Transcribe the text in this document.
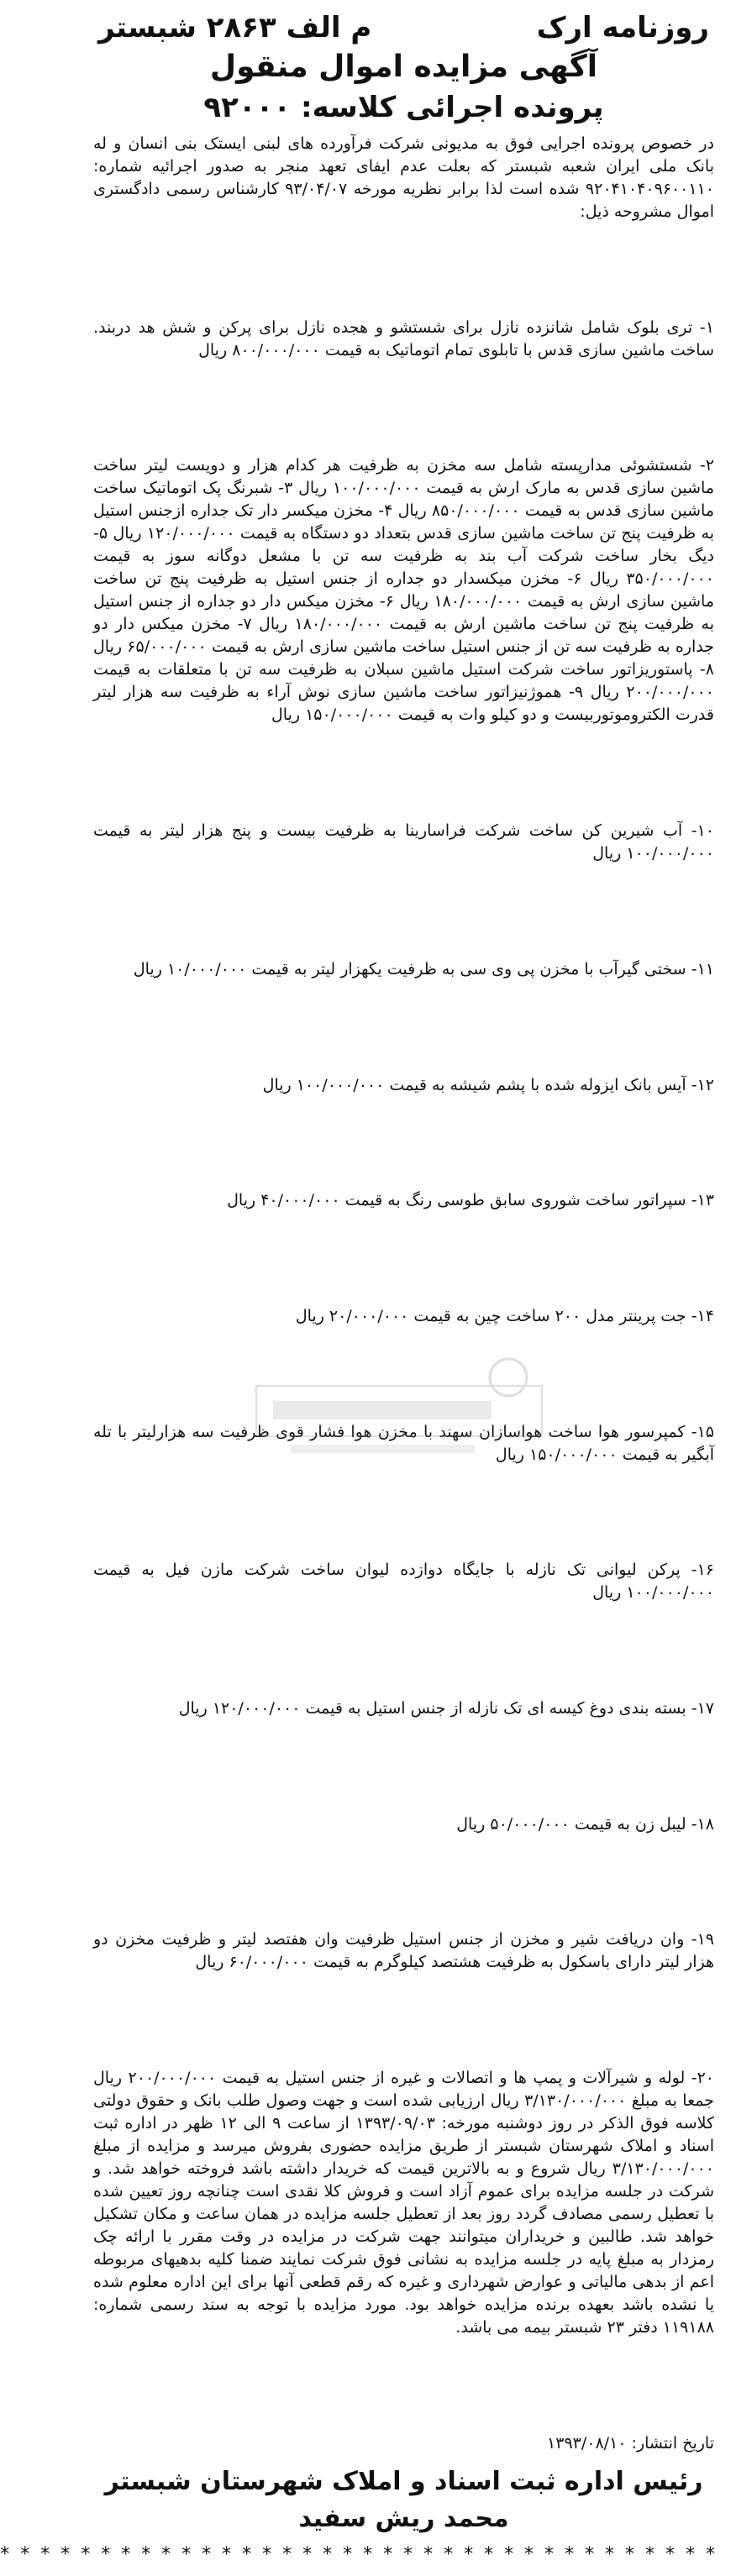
روزنامه ارک
م الف ۲۸۶۳ شبستر
آگهی مزایده اموال منقول
پرونده اجرائی کلاسه: ۹۲۰۰۰

در خصوص پرونده اجرایی فوق به مدیونی شرکت فرآورده های لبنی ایستک بنی انسان و له بانک ملی ایران شعبه شبستر که بعلت عدم ایفای تعهد منجر به صدور اجرائیه شماره: ۹۲۰۴۱۰۴۰۹۶۰۰۱۱۰ شده است لذا برابر نظریه مورخه ۹۳/۰۴/۰۷ کارشناس رسمی دادگستری اموال مشروحه ذیل:

۱- تری بلوک شامل شانزده نازل برای شستشو و هجده نازل برای پرکن و شش هد دربند. ساخت ماشین سازی قدس با تابلوی تمام اتوماتیک به قیمت ۸۰۰/۰۰۰/۰۰۰ ریال

۲- شستشوئی مدارپسته شامل سه مخزن به ظرفیت هر کدام هزار و دویست لیتر ساخت ماشین سازی قدس به مارک ارش به قیمت ۱۰۰/۰۰۰/۰۰۰ ریال ۳- شبرنگ پک اتوماتیک ساخت ماشین سازی قدس به قیمت ۸۵۰/۰۰۰/۰۰۰ ریال ۴- مخزن میکسر دار تک جداره ازجنس استیل به ظرفیت پنج تن ساخت ماشین سازی قدس بتعداد دو دستگاه به قیمت ۱۲۰/۰۰۰/۰۰۰ ریال ۵- دیگ بخار ساخت شرکت آب بند به ظرفیت سه تن با مشعل دوگانه سوز به قیمت ۳۵۰/۰۰۰/۰۰۰ ریال ۶- مخزن میکسدار دو جداره از جنس استیل به ظرفیت پنج تن ساخت ماشین سازی ارش به قیمت ۱۸۰/۰۰۰/۰۰۰ ریال ۶- مخزن میکس دار دو جداره از جنس استیل به ظرفیت پنج تن ساخت ماشین ارش به قیمت ۱۸۰/۰۰۰/۰۰۰ ریال ۷- مخزن میکس دار دو جداره به ظرفیت سه تن از جنس استیل ساخت ماشین سازی ارش به قیمت ۶۵/۰۰۰/۰۰۰ ریال ۸- پاستوریزاتور ساخت شرکت استیل ماشین سبلان به ظرفیت سه تن با متعلقات به قیمت ۲۰۰/۰۰۰/۰۰۰ ریال ۹- هموژنیزاتور ساخت ماشین سازی نوش آراء به ظرفیت سه هزار لیتر قدرت الکتروموتوربیست و دو کیلو وات به قیمت ۱۵۰/۰۰۰/۰۰۰ ریال

۱۰- آب شیرین کن ساخت شرکت فراسارینا به ظرفیت بیست و پنج هزار لیتر به قیمت ۱۰۰/۰۰۰/۰۰۰ ریال

۱۱- سختی گیرآب با مخزن پی وی سی به ظرفیت یکهزار لیتر به قیمت ۱۰/۰۰۰/۰۰۰ ریال

۱۲- آیس بانک ایزوله شده با پشم شیشه به قیمت ۱۰۰/۰۰۰/۰۰۰ ریال

۱۳- سپراتور ساخت شوروی سابق طوسی رنگ به قیمت ۴۰/۰۰۰/۰۰۰ ریال

۱۴- جت پرینتر مدل ۲۰۰ ساخت چین به قیمت ۲۰/۰۰۰/۰۰۰ ریال

۱۵- کمپرسور هوا ساخت هواسازان سهند با مخزن هوا فشار قوی ظرفیت سه هزارلیتر با تله آبگیر به قیمت ۱۵۰/۰۰۰/۰۰۰ ریال

۱۶- پرکن لیوانی تک نازله با جایگاه دوازده لیوان ساخت شرکت مازن فیل به قیمت ۱۰۰/۰۰۰/۰۰۰ ریال

۱۷- بسته بندی دوغ کیسه ای تک نازله از جنس استیل به قیمت ۱۲۰/۰۰۰/۰۰۰ ریال

۱۸- لیبل زن به قیمت ۵۰/۰۰۰/۰۰۰ ریال

۱۹- وان دریافت شیر و مخزن از جنس استیل ظرفیت وان هفتصد لیتر و ظرفیت مخزن دو هزار لیتر دارای باسکول به ظرفیت هشتصد کیلوگرم به قیمت ۶۰/۰۰۰/۰۰۰ ریال

۲۰- لوله و شیرآلات و پمپ ها و اتصالات و غیره از جنس استیل به قیمت ۲۰۰/۰۰۰/۰۰۰ ریال جمعا به مبلغ ۳/۱۳۰/۰۰۰/۰۰۰ ریال ارزیابی شده است و جهت وصول طلب بانک و حقوق دولتی کلاسه فوق الذکر در روز دوشنبه مورخه: ۱۳۹۳/۰۹/۰۳ از ساعت ۹ الی ۱۲ ظهر در اداره ثبت اسناد و املاک شهرستان شبستر از طریق مزایده حضوری بفروش میرسد و مزایده از مبلغ ۳/۱۳۰/۰۰۰/۰۰۰ ریال شروع و به بالاترین قیمت که خریدار داشته باشد فروخته خواهد شد. و شرکت در جلسه مزایده برای عموم آزاد است و فروش کلا نقدی است چنانچه روز تعیین شده با تعطیل رسمی مصادف گردد روز بعد از تعطیل جلسه مزایده در همان ساعت و مکان تشکیل خواهد شد. طالبین و خریداران میتوانند جهت شرکت در مزایده در وقت مقرر با ارائه چک رمزدار به مبلغ پایه در جلسه مزایده به نشانی فوق شرکت نمایند ضمنا کلیه بدهیهای مربوطه اعم از بدهی مالیاتی و عوارض شهرداری و غیره که رقم قطعی آنها برای این اداره معلوم شده یا نشده باشد بعهده برنده مزایده خواهد بود. مورد مزایده با توجه به سند رسمی شماره: ۱۱۹۱۸۸ دفتر ۲۳ شبستر بیمه می باشد.

تاریخ انتشار: ۱۳۹۳/۰۸/۱۰

رئیس اداره ثبت اسناد و املاک شهرستان شبستر
محمد ریش سفید
* * * * * * * * * * * * * * * * * * * * * * * * * * * * * * * * * * * *
